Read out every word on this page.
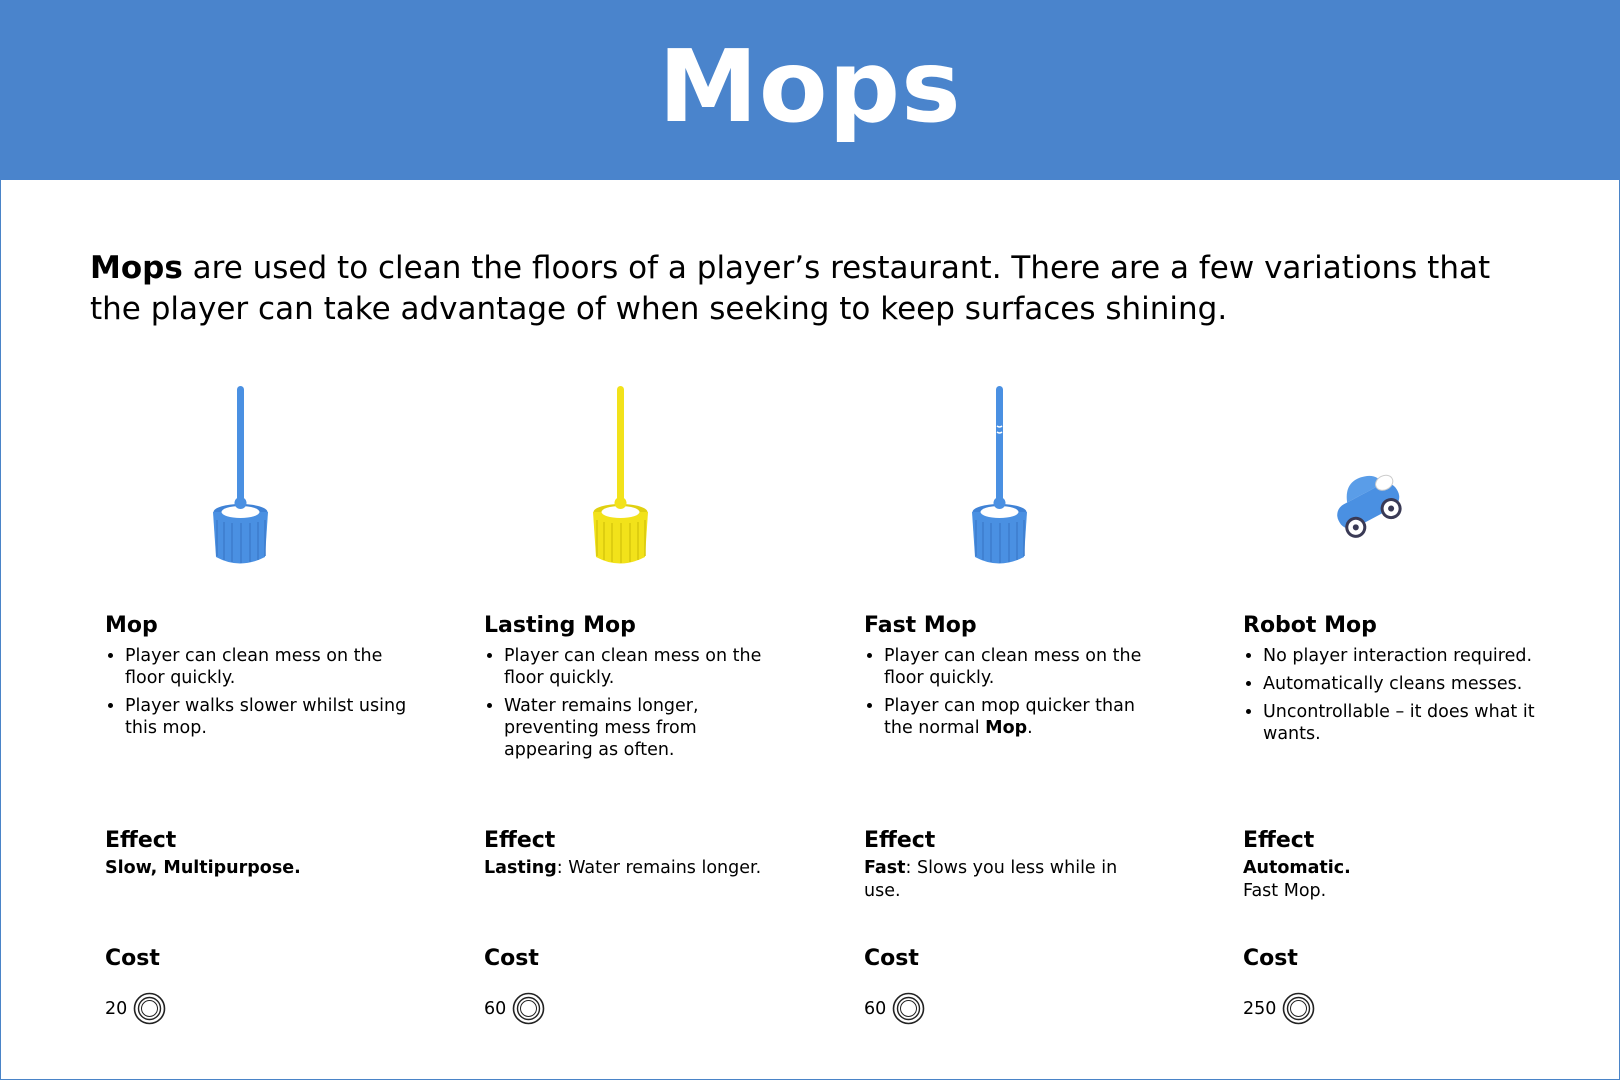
Mops

Mops are used to clean the floors of a player’s restaurant. There are a few variations that the player can take advantage of when seeking to keep surfaces shining.

Mop

• Player can clean mess on the floor quickly.
• Player walks slower whilst using this mop.

Effect

Slow, Multipurpose.

Cost

20

Lasting Mop

• Player can clean mess on the floor quickly.
• Water remains longer, preventing mess from appearing as often.

Effect

Lasting: Water remains longer.

Cost

60

Fast Mop

• Player can clean mess on the floor quickly.
• Player can mop quicker than the normal Mop.

Effect

Fast: Slows you less while in use.

Cost

60

Robot Mop

• No player interaction required.
• Automatically cleans messes.
• Uncontrollable – it does what it wants.

Effect

Automatic.
Fast Mop.

Cost

250
